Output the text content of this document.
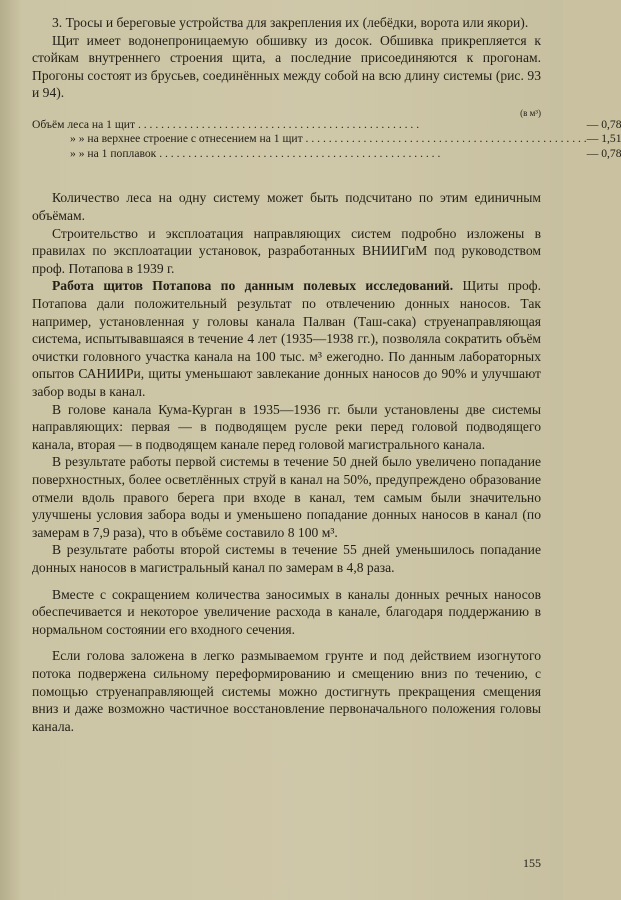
3. Тросы и береговые устройства для закрепления их (лебёдки, ворота или якори).

Щит имеет водонепроницаемую обшивку из досок. Обшивка прикрепляется к стойкам внутреннего строения щита, а последние присоединяются к прогонам. Прогоны состоят из брусьев, соединённых между собой на всю длину системы (рис. 93 и 94).

(в м³)
Объём леса на 1 щит . . .	— 0,78
» » на верхнее строение с отнесением на 1 щит . . .	— 1,51
» » на 1 поплавок . . .	— 0,78

Количество леса на одну систему может быть подсчитано по этим единичным объёмам.

Строительство и эксплоатация направляющих систем подробно изложены в правилах по эксплоатации установок, разработанных ВНИИГиМ под руководством проф. Потапова в 1939 г.

Работа щитов Потапова по данным полевых исследований. Щиты проф. Потапова дали положительный результат по отвлечению донных наносов. Так например, установленная у головы канала Палван (Таш-сака) струенаправляющая система, испытывавшаяся в течение 4 лет (1935—1938 гг.), позволяла сократить объём очистки головного участка канала на 100 тыс. м³ ежегодно. По данным лабораторных опытов САНИИРи, щиты уменьшают завлекание донных наносов до 90% и улучшают забор воды в канал.

В голове канала Кума-Курган в 1935—1936 гг. были установлены две системы направляющих: первая — в подводящем русле реки перед головой подводящего канала, вторая — в подводящем канале перед головой магистрального канала.

В результате работы первой системы в течение 50 дней было увеличено попадание поверхностных, более осветлённых струй в канал на 50%, предупреждено образование отмели вдоль правого берега при входе в канал, тем самым были значительно улучшены условия забора воды и уменьшено попадание донных наносов в канал (по замерам в 7,9 раза), что в объёме составило 8 100 м³.

В результате работы второй системы в течение 55 дней уменьшилось попадание донных наносов в магистральный канал по замерам в 4,8 раза.

Вместе с сокращением количества заносимых в каналы донных речных наносов обеспечивается и некоторое увеличение расхода в канале, благодаря поддержанию в нормальном состоянии его входного сечения.

Если голова заложена в легко размываемом грунте и под действием изогнутого потока подвержена сильному переформированию и смещению вниз по течению, с помощью струенаправляющей системы можно достигнуть прекращения смещения вниз и даже возможно частичное восстановление первоначального положения головы канала.

155
